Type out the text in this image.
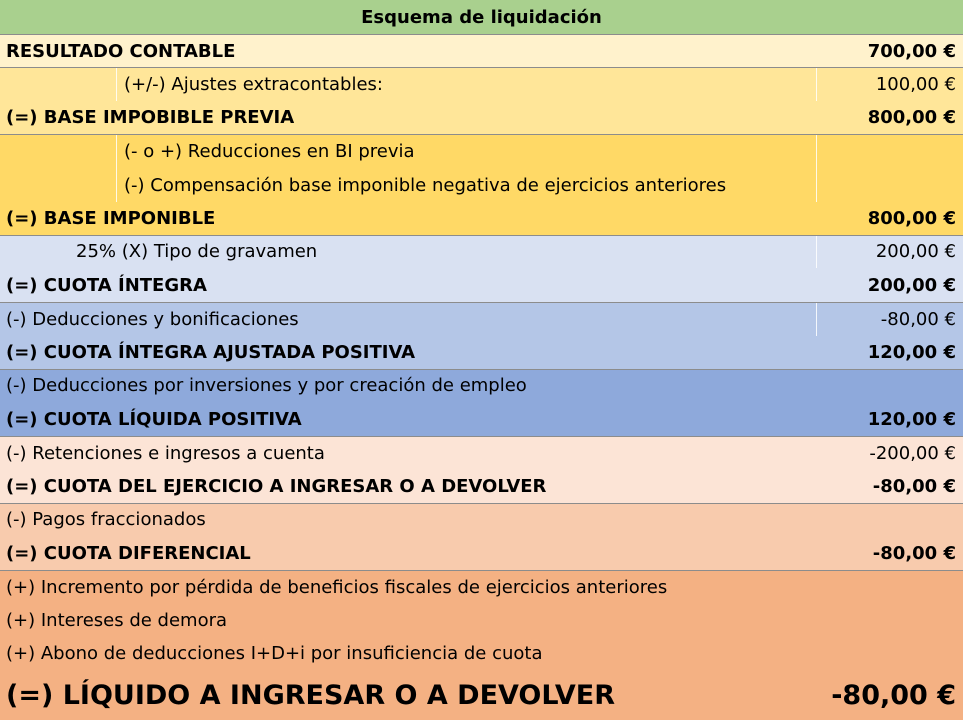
Esquema de liquidación
RESULTADO CONTABLE	700,00 €
(+/-) Ajustes extracontables:	100,00 €
(=) BASE IMPOBIBLE PREVIA	800,00 €
(- o +) Reducciones en BI previa
(-) Compensación base imponible negativa de ejercicios anteriores
(=) BASE IMPONIBLE	800,00 €
25% (X) Tipo de gravamen	200,00 €
(=) CUOTA ÍNTEGRA	200,00 €
(-) Deducciones y bonificaciones	-80,00 €
(=) CUOTA ÍNTEGRA AJUSTADA POSITIVA	120,00 €
(-) Deducciones por inversiones y por creación de empleo
(=) CUOTA LÍQUIDA POSITIVA	120,00 €
(-) Retenciones e ingresos a cuenta	-200,00 €
(=) CUOTA DEL EJERCICIO A INGRESAR O A DEVOLVER	-80,00 €
(-) Pagos fraccionados
(=) CUOTA DIFERENCIAL	-80,00 €
(+) Incremento por pérdida de beneficios fiscales de ejercicios anteriores
(+) Intereses de demora
(+) Abono de deducciones I+D+i por insuficiencia de cuota
(=) LÍQUIDO A INGRESAR O A DEVOLVER	-80,00 €
